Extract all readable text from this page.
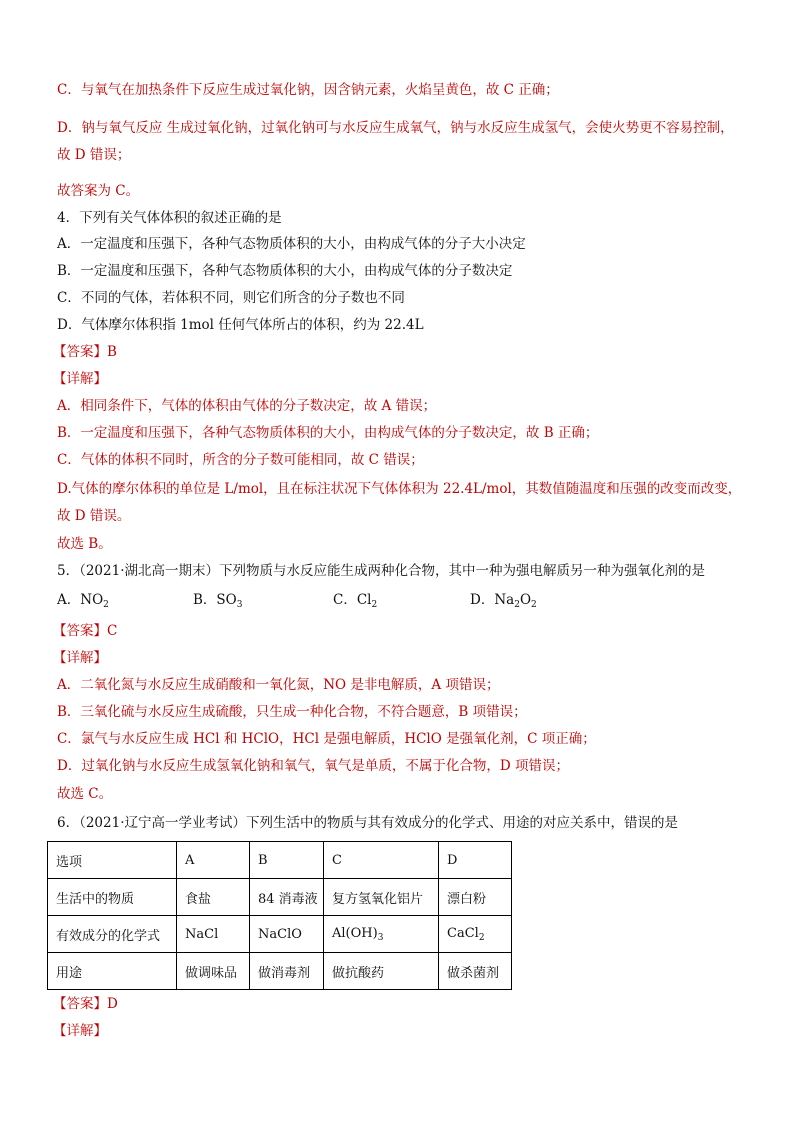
C．与氧气在加热条件下反应生成过氧化钠，因含钠元素，火焰呈黄色，故 C 正确；
D．钠与氧气反应 生成过氧化钠，过氧化钠可与水反应生成氧气，钠与水反应生成氢气，会使火势更不容易控制，
故 D 错误；
故答案为 C。
4．下列有关气体体积的叙述正确的是
A．一定温度和压强下，各种气态物质体积的大小，由构成气体的分子大小决定
B．一定温度和压强下，各种气态物质体积的大小，由构成气体的分子数决定
C．不同的气体，若体积不同，则它们所含的分子数也不同
D．气体摩尔体积指 1mol 任何气体所占的体积，约为 22.4L
【答案】B
【详解】
A．相同条件下，气体的体积由气体的分子数决定，故 A 错误；
B．一定温度和压强下，各种气态物质体积的大小，由构成气体的分子数决定，故 B 正确；
C．气体的体积不同时，所含的分子数可能相同，故 C 错误；
D.气体的摩尔体积的单位是 L/mol，且在标注状况下气体体积为 22.4L/mol，其数值随温度和压强的改变而改变，
故 D 错误。
故选 B。
5．（2021·湖北高一期末）下列物质与水反应能生成两种化合物，其中一种为强电解质另一种为强氧化剂的是
A．$NO_2$	B．$SO_3$	C．$Cl_2$	D．$Na_2O_2$
【答案】C
【详解】
A．二氧化氮与水反应生成硝酸和一氧化氮，NO 是非电解质，A 项错误；
B．三氧化硫与水反应生成硫酸，只生成一种化合物，不符合题意，B 项错误；
C．氯气与水反应生成 HCl 和 HClO，HCl 是强电解质，HClO 是强氧化剂，C 项正确；
D．过氧化钠与水反应生成氢氧化钠和氧气，氧气是单质，不属于化合物，D 项错误；
故选 C。
6．（2021·辽宁高一学业考试）下列生活中的物质与其有效成分的化学式、用途的对应关系中，错误的是
选项	A	B	C	D
生活中的物质	食盐	84 消毒液	复方氢氧化铝片	漂白粉
有效成分的化学式	NaCl	NaClO	$Al(OH)_3$	CaCl$_2$
用途	做调味品	做消毒剂	做抗酸药	做杀菌剂
【答案】D
【详解】
